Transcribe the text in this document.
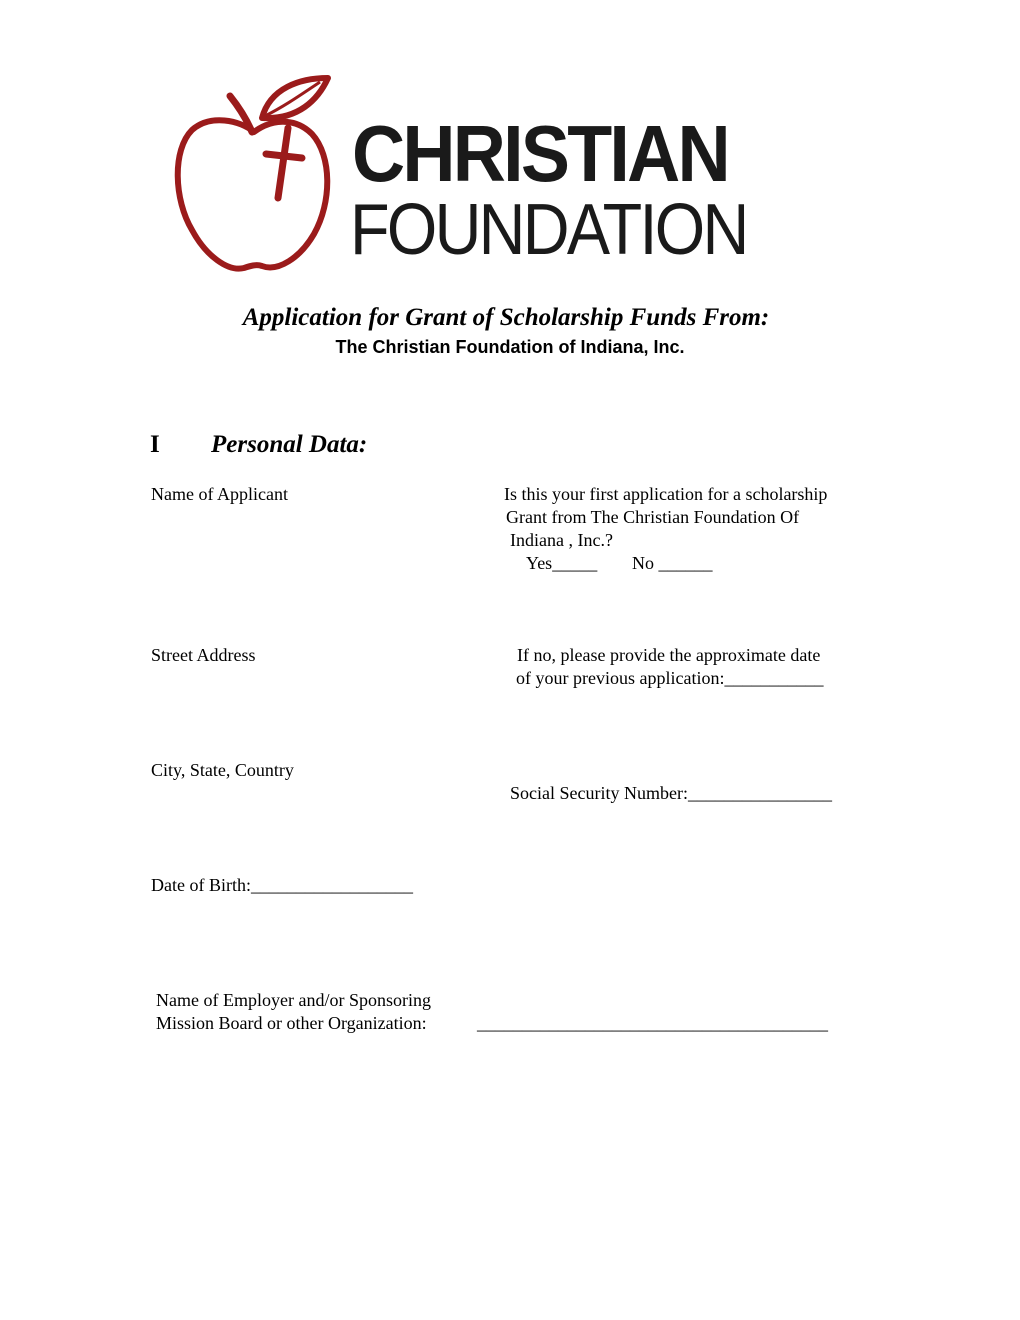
CHRISTIAN
FOUNDATION
Application for Grant of Scholarship Funds From:
The Christian Foundation of Indiana, Inc.
I Personal Data:
Name of Applicant
Street Address
City, State, Country
Date of Birth:__________________
Is this your first application for a scholarship
Grant from The Christian Foundation Of
Indiana , Inc.?
Yes_____ No ______
If no, please provide the approximate date
of your previous application:___________
Social Security Number:________________
Name of Employer and/or Sponsoring
Mission Board or other Organization:	_______________________________________
